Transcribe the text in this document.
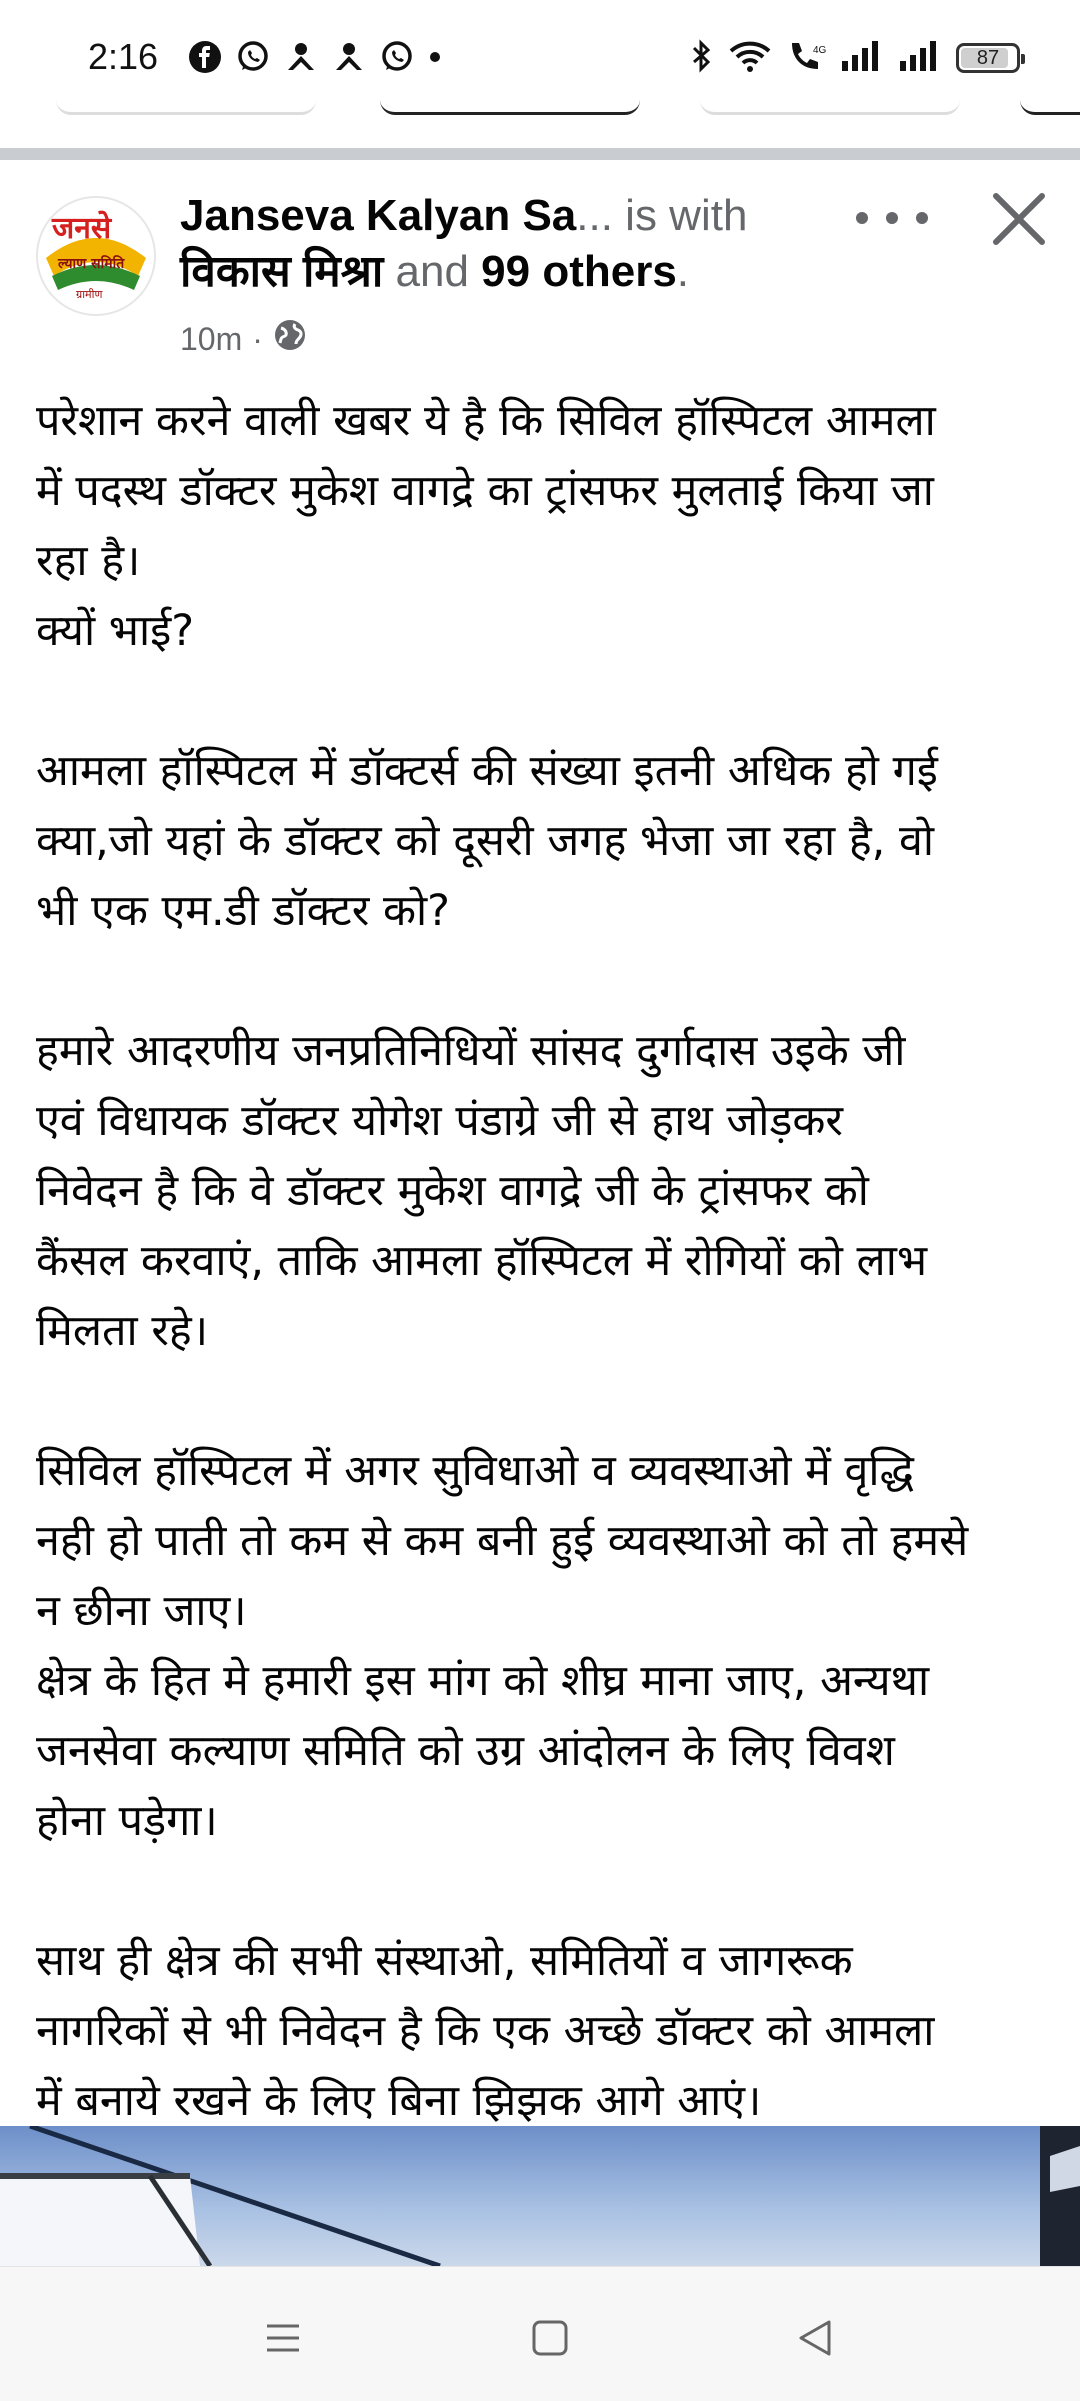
2:16	4G	87
जनसे
ल्याण समिति
ग्रामीण
Janseva Kalyan Sa... is with
विकास मिश्रा and 99 others.
10m ·

परेशान करने वाली खबर ये है कि सिविल हॉस्पिटल आमला
में पदस्थ डॉक्टर मुकेश वागद्रे का ट्रांसफर मुलताई किया जा
रहा है।
क्यों भाई?

आमला हॉस्पिटल में डॉक्टर्स की संख्या इतनी अधिक हो गई
क्या,जो यहां के डॉक्टर को दूसरी जगह भेजा जा रहा है, वो
भी एक एम.डी डॉक्टर को?

हमारे आदरणीय जनप्रतिनिधियों सांसद दुर्गादास उइके जी
एवं विधायक डॉक्टर योगेश पंडाग्रे जी से हाथ जोड़कर
निवेदन है कि वे डॉक्टर मुकेश वागद्रे जी के ट्रांसफर को
कैंसल करवाएं, ताकि आमला हॉस्पिटल में रोगियों को लाभ
मिलता रहे।

सिविल हॉस्पिटल में अगर सुविधाओ व व्यवस्थाओ में वृद्धि
नही हो पाती तो कम से कम बनी हुई व्यवस्थाओ को तो हमसे
न छीना जाए।
क्षेत्र के हित मे हमारी इस मांग को शीघ्र माना जाए, अन्यथा
जनसेवा कल्याण समिति को उग्र आंदोलन के लिए विवश
होना पड़ेगा।

साथ ही क्षेत्र की सभी संस्थाओ, समितियों व जागरूक
नागरिकों से भी निवेदन है कि एक अच्छे डॉक्टर को आमला
में बनाये रखने के लिए बिना झिझक आगे आएं।
